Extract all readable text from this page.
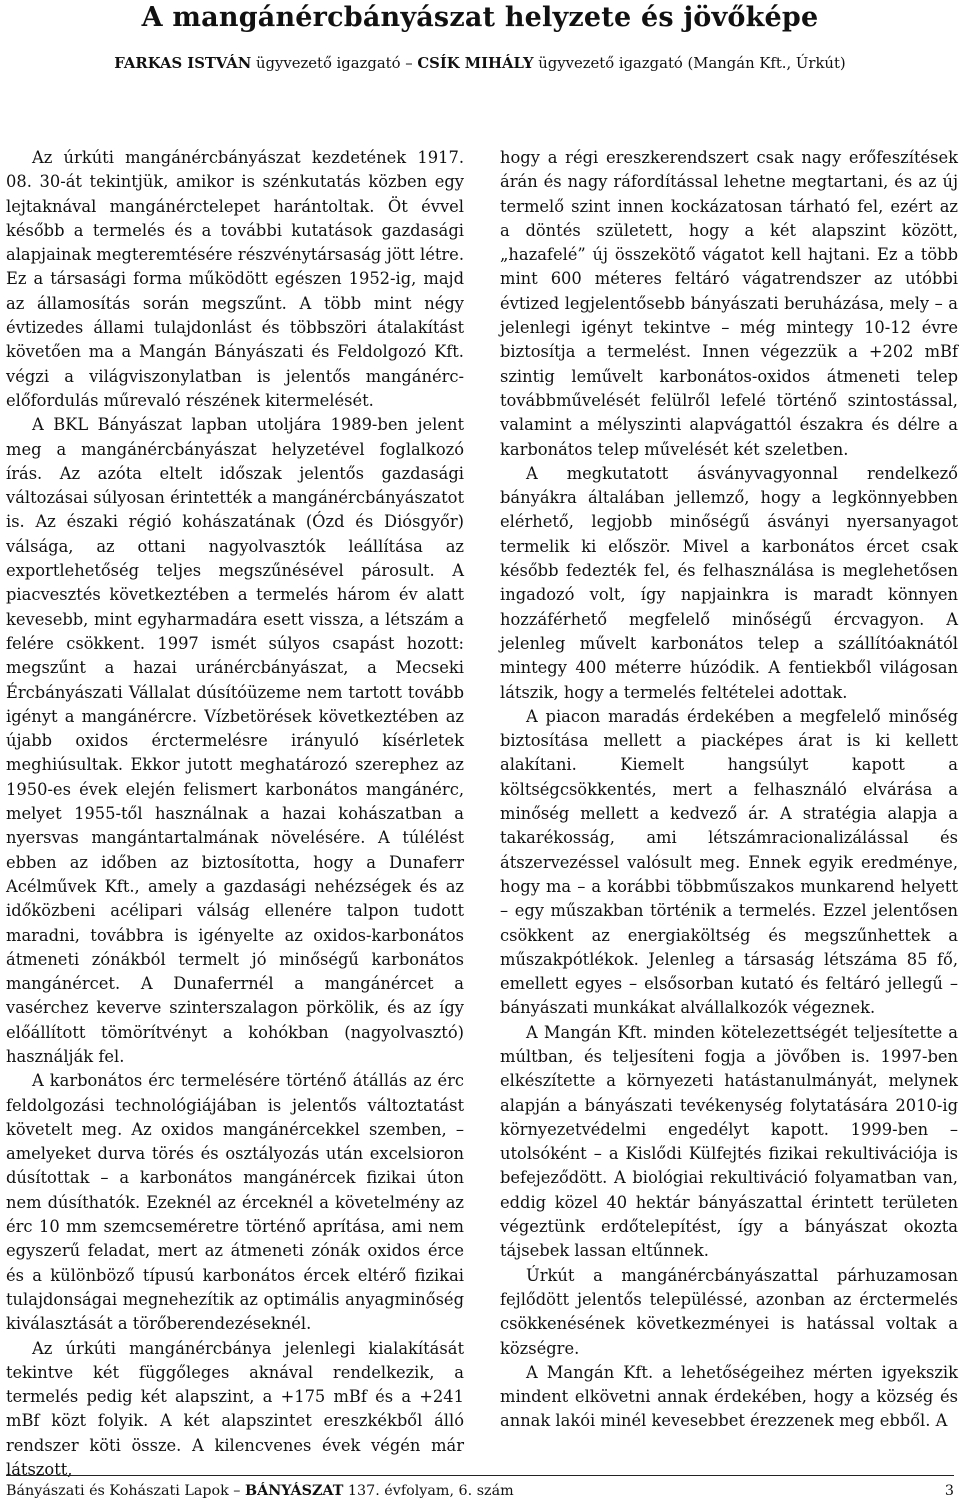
A mangánércbányászat helyzete és jövőképe

FARKAS ISTVÁN ügyvezető igazgató – CSÍK MIHÁLY ügyvezető igazgató (Mangán Kft., Úrkút)

Az úrkúti mangánércbányászat kezdetének 1917. 08. 30-át tekintjük, amikor is szénkutatás közben egy lejtaknával mangánérctelepet harántoltak. Öt évvel később a termelés és a további kutatások gazdasági alapjainak megteremtésére részvénytársaság jött létre. Ez a társasági forma működött egészen 1952-ig, majd az államosítás során megszűnt. A több mint négy évtizedes állami tulajdonlást és többszöri átalakítást követően ma a Mangán Bányászati és Feldolgozó Kft. végzi a világviszonylatban is jelentős mangánérc-előfordulás műrevaló részének kitermelését.

A BKL Bányászat lapban utoljára 1989-ben jelent meg a mangánércbányászat helyzetével foglalkozó írás. Az azóta eltelt időszak jelentős gazdasági változásai súlyosan érintették a mangánércbányászatot is. Az északi régió kohászatának (Ózd és Diósgyőr) válsága, az ottani nagyolvasztók leállítása az exportlehetőség teljes megszűnésével párosult. A piacvesztés következtében a termelés három év alatt kevesebb, mint egyharmadára esett vissza, a létszám a felére csökkent. 1997 ismét súlyos csapást hozott: megszűnt a hazai uránércbányászat, a Mecseki Ércbányászati Vállalat dúsítóüzeme nem tartott tovább igényt a mangánércre. Vízbetörések következtében az újabb oxidos érctermelésre irányuló kísérletek meghiúsultak. Ekkor jutott meghatározó szerephez az 1950-es évek elején felismert karbonátos mangánérc, melyet 1955-től használnak a hazai kohászatban a nyersvas mangántartalmának növelésére. A túlélést ebben az időben az biztosította, hogy a Dunaferr Acélművek Kft., amely a gazdasági nehézségek és az időközbeni acélipari válság ellenére talpon tudott maradni, továbbra is igényelte az oxidos-karbonátos átmeneti zónákból termelt jó minőségű karbonátos mangánércet. A Dunaferrnél a mangánércet a vasérchez keverve szinterszalagon pörkölik, és az így előállított tömörítvényt a kohókban (nagyolvasztó) használják fel.

A karbonátos érc termelésére történő átállás az érc feldolgozási technológiájában is jelentős változtatást követelt meg. Az oxidos mangánércekkel szemben, – amelyeket durva törés és osztályozás után excelsioron dúsítottak – a karbonátos mangánércek fizikai úton nem dúsíthatók. Ezeknél az érceknél a követelmény az érc 10 mm szemcseméretre történő aprítása, ami nem egyszerű feladat, mert az átmeneti zónák oxidos érce és a különböző típusú karbonátos ércek eltérő fizikai tulajdonságai megnehezítik az optimális anyagminőség kiválasztását a törőberendezéseknél.

Az úrkúti mangánércbánya jelenlegi kialakítását tekintve két függőleges aknával rendelkezik, a termelés pedig két alapszint, a +175 mBf és a +241 mBf közt folyik. A két alapszintet ereszkékből álló rendszer köti össze. A kilencvenes évek végén már látszott,

hogy a régi ereszkerendszert csak nagy erőfeszítések árán és nagy ráfordítással lehetne megtartani, és az új termelő szint innen kockázatosan tárható fel, ezért az a döntés született, hogy a két alapszint között, „hazafelé” új összekötő vágatot kell hajtani. Ez a több mint 600 méteres feltáró vágatrendszer az utóbbi évtized legjelentősebb bányászati beruházása, mely – a jelenlegi igényt tekintve – még mintegy 10-12 évre biztosítja a termelést. Innen végezzük a +202 mBf szintig leművelt karbonátos-oxidos átmeneti telep továbbművelését felülről lefelé történő szintostással, valamint a mélyszinti alapvágattól északra és délre a karbonátos telep művelését két szeletben.

A megkutatott ásványvagyonnal rendelkező bányákra általában jellemző, hogy a legkönnyebben elérhető, legjobb minőségű ásványi nyersanyagot termelik ki először. Mivel a karbonátos ércet csak később fedezték fel, és felhasználása is meglehetősen ingadozó volt, így napjainkra is maradt könnyen hozzáférhető megfelelő minőségű ércvagyon. A jelenleg művelt karbonátos telep a szállítóaknától mintegy 400 méterre húzódik. A fentiekből világosan látszik, hogy a termelés feltételei adottak.

A piacon maradás érdekében a megfelelő minőség biztosítása mellett a piacképes árat is ki kellett alakítani. Kiemelt hangsúlyt kapott a költségcsökkentés, mert a felhasználó elvárása a minőség mellett a kedvező ár. A stratégia alapja a takarékosság, ami létszámracionalizálással és átszervezéssel valósult meg. Ennek egyik eredménye, hogy ma – a korábbi többműszakos munkarend helyett – egy műszakban történik a termelés. Ezzel jelentősen csökkent az energiaköltség és megszűnhettek a műszakpótlékok. Jelenleg a társaság létszáma 85 fő, emellett egyes – elsősorban kutató és feltáró jellegű – bányászati munkákat alvállalkozók végeznek.

A Mangán Kft. minden kötelezettségét teljesítette a múltban, és teljesíteni fogja a jövőben is. 1997-ben elkészítette a környezeti hatástanulmányát, melynek alapján a bányászati tevékenység folytatására 2010-ig környezetvédelmi engedélyt kapott. 1999-ben – utolsóként – a Kislődi Külfejtés fizikai rekultivációja is befejeződött. A biológiai rekultiváció folyamatban van, eddig közel 40 hektár bányászattal érintett területen végeztünk erdőtelepítést, így a bányászat okozta tájsebek lassan eltűnnek.

Úrkút a mangánércbányászattal párhuzamosan fejlődött jelentős településsé, azonban az érctermelés csökkenésének következményei is hatással voltak a községre.

A Mangán Kft. a lehetőségeihez mérten igyekszik mindent elkövetni annak érdekében, hogy a község és annak lakói minél kevesebbet érezzenek meg ebből. A

Bányászati és Kohászati Lapok – BÁNYÁSZAT 137. évfolyam, 6. szám	3
